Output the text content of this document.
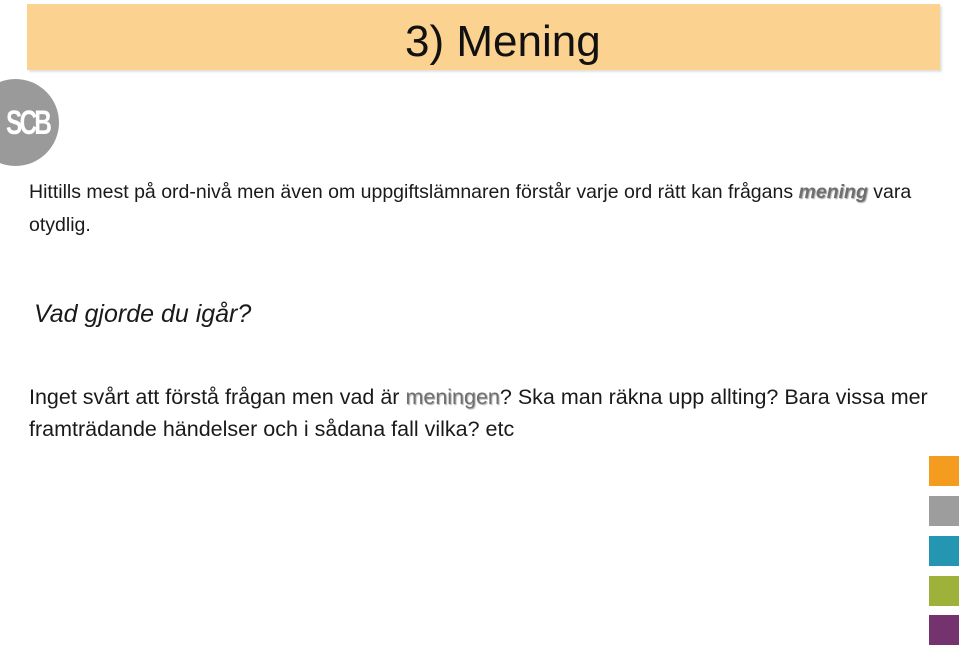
3) Mening
SCB
Hittills mest på ord-nivå men även om uppgiftslämnaren förstår varje ord rätt kan frågans mening vara otydlig.
Vad gjorde du igår?
Inget svårt att förstå frågan men vad är meningen? Ska man räkna upp allting? Bara vissa mer framträdande händelser och i sådana fall vilka? etc
